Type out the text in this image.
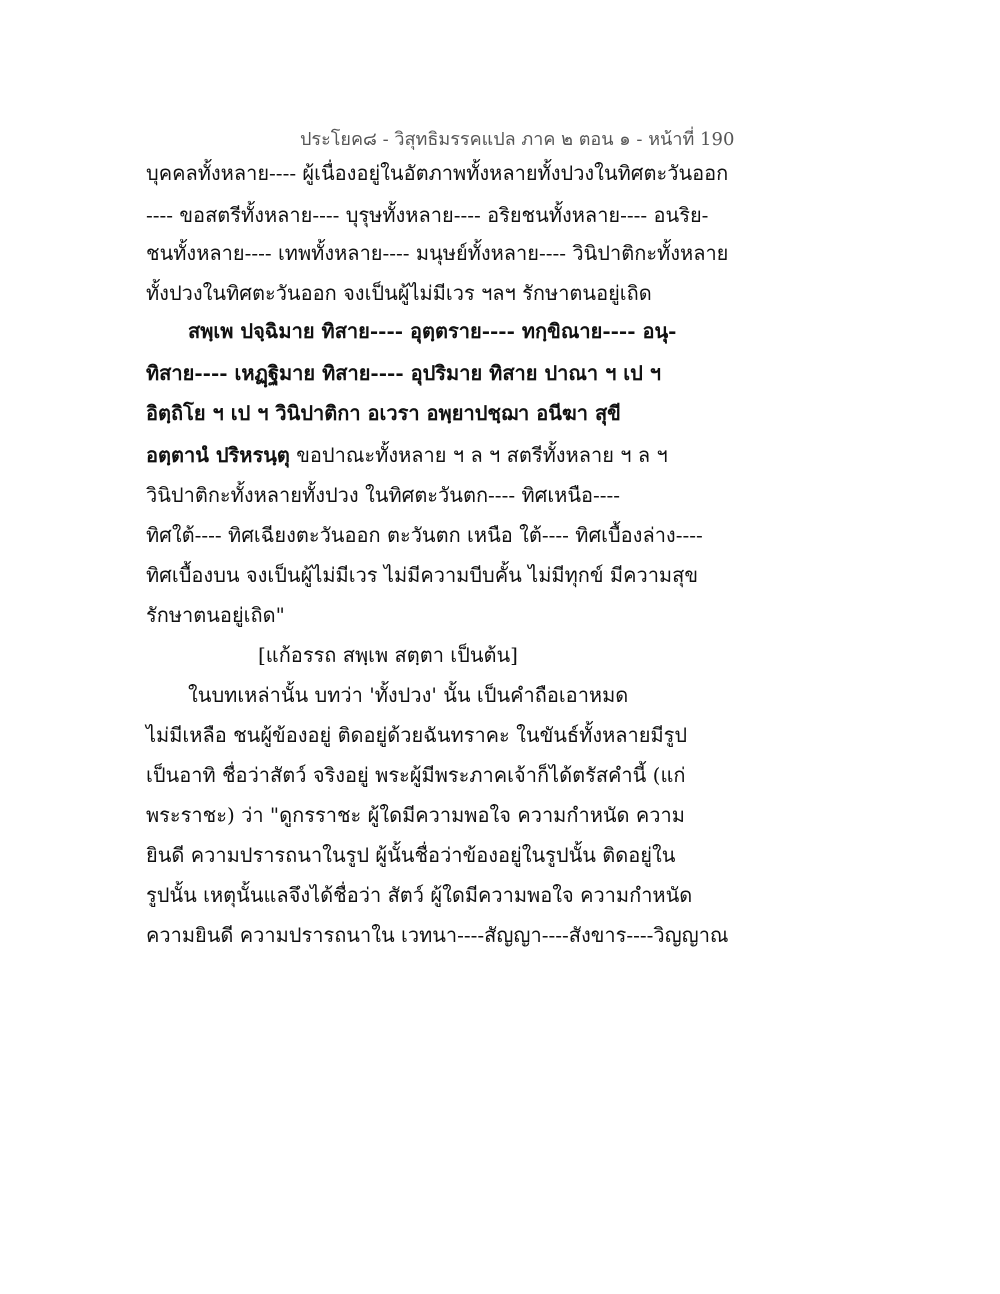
ประโยค๘ - วิสุทธิมรรคแปล ภาค ๒ ตอน ๑ - หน้าที่ 190
บุคคลทั้งหลาย---- ผู้เนื่องอยู่ในอัตภาพทั้งหลายทั้งปวงในทิศตะวันออก
---- ขอสตรีทั้งหลาย---- บุรุษทั้งหลาย---- อริยชนทั้งหลาย---- อนริย-
ชนทั้งหลาย---- เทพทั้งหลาย---- มนุษย์ทั้งหลาย---- วินิปาติกะทั้งหลาย
ทั้งปวงในทิศตะวันออก จงเป็นผู้ไม่มีเวร ฯลฯ รักษาตนอยู่เถิด
สพฺเพ ปจฺฉิมาย ทิสาย---- อุตฺตราย---- ทกฺขิณาย---- อนุ-
ทิสาย---- เหฏฺฐิมาย ทิสาย---- อุปริมาย ทิสาย ปาณา ฯ เป ฯ
อิตฺถิโย ฯ เป ฯ วินิปาติกา อเวรา อพฺยาปชฺฌา อนีฆา สุขี
อตฺตานํ ปริหรนฺตุ ขอปาณะทั้งหลาย ฯ ล ฯ สตรีทั้งหลาย ฯ ล ฯ
วินิปาติกะทั้งหลายทั้งปวง ในทิศตะวันตก---- ทิศเหนือ----
ทิศใต้---- ทิศเฉียงตะวันออก ตะวันตก เหนือ ใต้---- ทิศเบื้องล่าง----
ทิศเบื้องบน จงเป็นผู้ไม่มีเวร ไม่มีความบีบคั้น ไม่มีทุกข์ มีความสุข
รักษาตนอยู่เถิด"
[แก้อรรถ สพฺเพ สตฺตา เป็นต้น]
ในบทเหล่านั้น บทว่า 'ทั้งปวง' นั้น เป็นคำถือเอาหมด
ไม่มีเหลือ ชนผู้ข้องอยู่ ติดอยู่ด้วยฉันทราคะ ในขันธ์ทั้งหลายมีรูป
เป็นอาทิ ชื่อว่าสัตว์ จริงอยู่ พระผู้มีพระภาคเจ้าก็ได้ตรัสคำนี้ (แก่
พระราชะ) ว่า "ดูกรราชะ ผู้ใดมีความพอใจ ความกำหนัด ความ
ยินดี ความปรารถนาในรูป ผู้นั้นชื่อว่าข้องอยู่ในรูปนั้น ติดอยู่ใน
รูปนั้น เหตุนั้นแลจึงได้ชื่อว่า สัตว์ ผู้ใดมีความพอใจ ความกำหนัด
ความยินดี ความปรารถนาใน เวทนา----สัญญา----สังขาร----วิญญาณ
